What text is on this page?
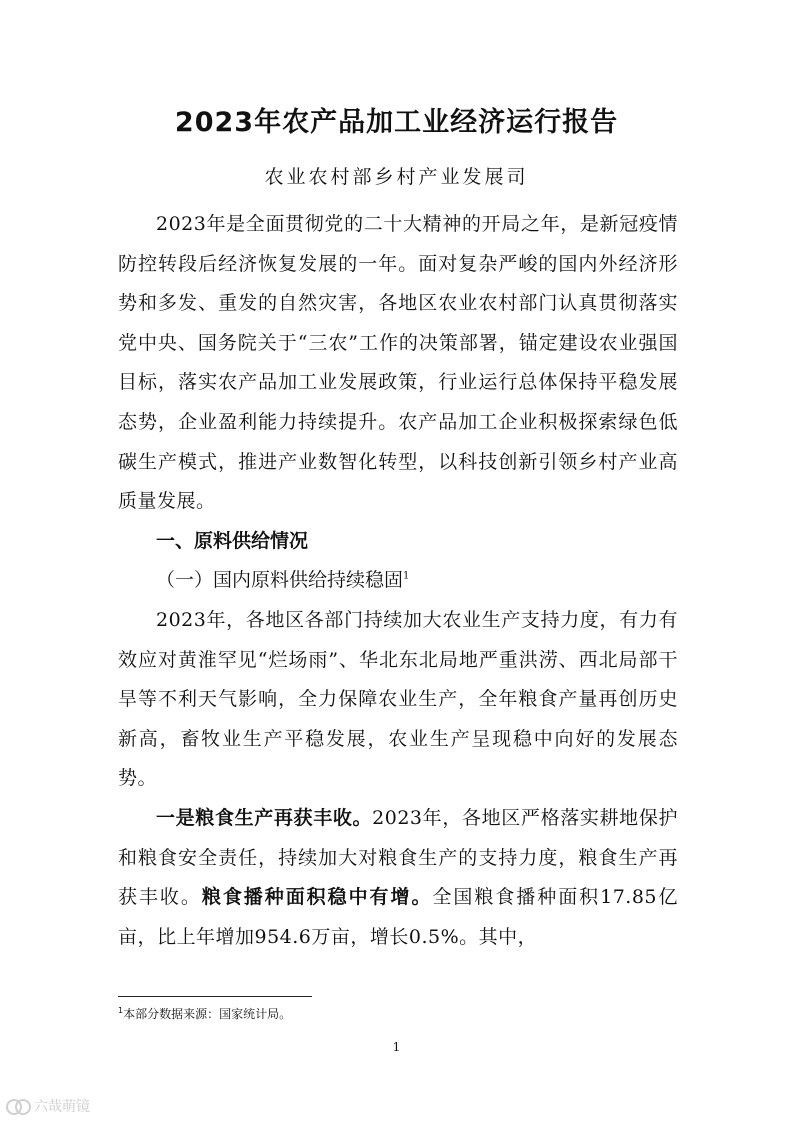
2023年农产品加工业经济运行报告
农业农村部乡村产业发展司

2023年是全面贯彻党的二十大精神的开局之年，是新冠疫情防控转段后经济恢复发展的一年。面对复杂严峻的国内外经济形势和多发、重发的自然灾害，各地区农业农村部门认真贯彻落实党中央、国务院关于“三农”工作的决策部署，锚定建设农业强国目标，落实农产品加工业发展政策，行业运行总体保持平稳发展态势，企业盈利能力持续提升。农产品加工企业积极探索绿色低碳生产模式，推进产业数智化转型，以科技创新引领乡村产业高质量发展。

一、原料供给情况

（一）国内原料供给持续稳固$^1$

2023年，各地区各部门持续加大农业生产支持力度，有力有效应对黄淮罕见“烂场雨”、华北东北局地严重洪涝、西北局部干旱等不利天气影响，全力保障农业生产，全年粮食产量再创历史新高，畜牧业生产平稳发展，农业生产呈现稳中向好的发展态势。

一是粮食生产再获丰收。2023年，各地区严格落实耕地保护和粮食安全责任，持续加大对粮食生产的支持力度，粮食生产再获丰收。粮食播种面积稳中有增。全国粮食播种面积17.85亿亩，比上年增加954.6万亩，增长0.5%。其中，

$^1$本部分数据来源：国家统计局。
1
六哉萌镜
